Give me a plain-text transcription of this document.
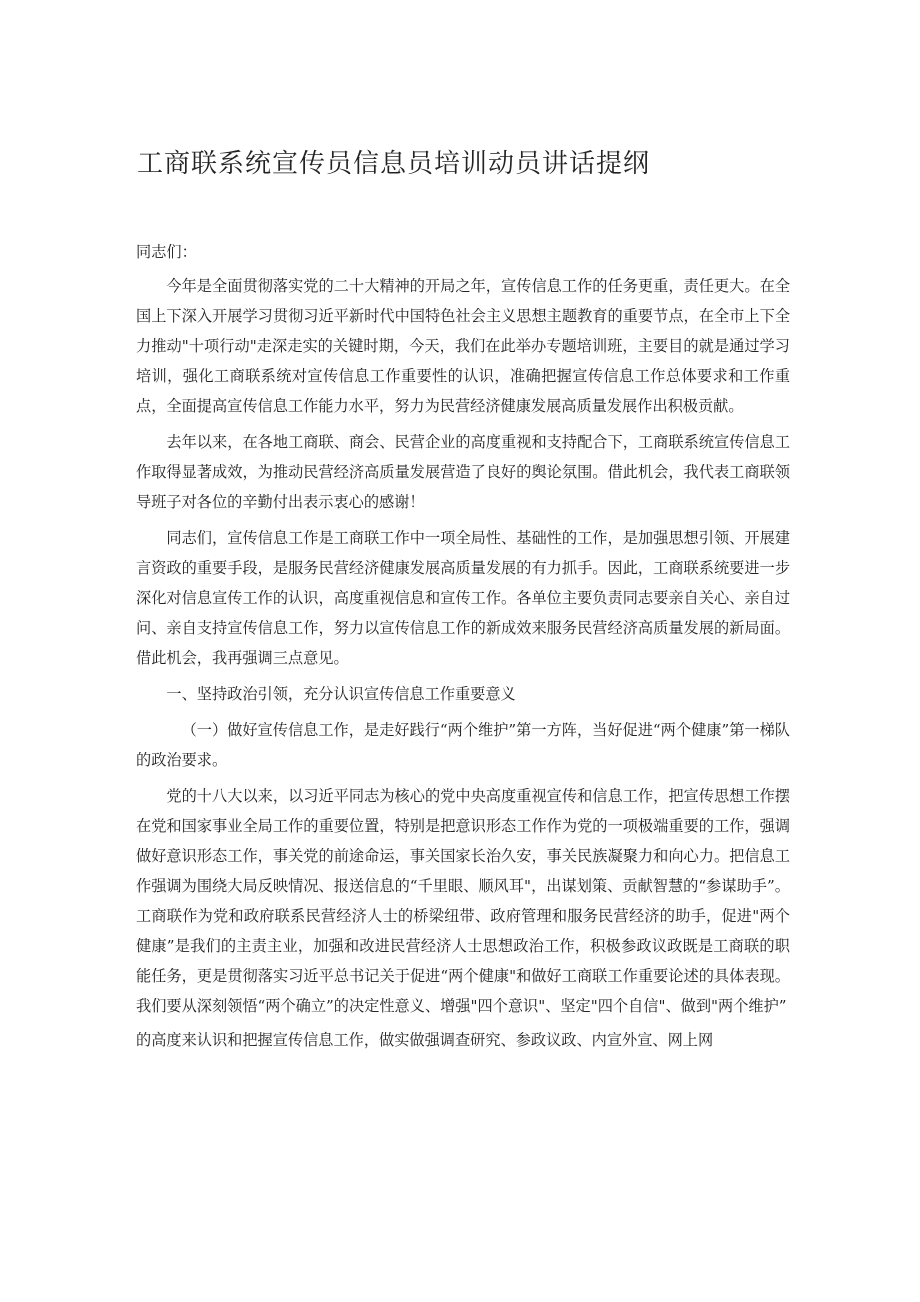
工商联系统宣传员信息员培训动员讲话提纲

同志们：

今年是全面贯彻落实党的二十大精神的开局之年，宣传信息工作的任务更重，责任更大。在全国上下深入开展学习贯彻习近平新时代中国特色社会主义思想主题教育的重要节点，在全市上下全力推动"十项行动"走深走实的关键时期，今天，我们在此举办专题培训班，主要目的就是通过学习培训，强化工商联系统对宣传信息工作重要性的认识，准确把握宣传信息工作总体要求和工作重点，全面提高宣传信息工作能力水平，努力为民营经济健康发展高质量发展作出积极贡献。

去年以来，在各地工商联、商会、民营企业的高度重视和支持配合下，工商联系统宣传信息工作取得显著成效，为推动民营经济高质量发展营造了良好的舆论氛围。借此机会，我代表工商联领导班子对各位的辛勤付出表示衷心的感谢！

同志们，宣传信息工作是工商联工作中一项全局性、基础性的工作，是加强思想引领、开展建言资政的重要手段，是服务民营经济健康发展高质量发展的有力抓手。因此，工商联系统要进一步深化对信息宣传工作的认识，高度重视信息和宣传工作。各单位主要负责同志要亲自关心、亲自过问、亲自支持宣传信息工作，努力以宣传信息工作的新成效来服务民营经济高质量发展的新局面。借此机会，我再强调三点意见。

一、坚持政治引领，充分认识宣传信息工作重要意义

（一）做好宣传信息工作，是走好践行“两个维护”第一方阵，当好促进“两个健康”第一梯队的政治要求。

党的十八大以来，以习近平同志为核心的党中央高度重视宣传和信息工作，把宣传思想工作摆在党和国家事业全局工作的重要位置，特别是把意识形态工作作为党的一项极端重要的工作，强调做好意识形态工作，事关党的前途命运，事关国家长治久安，事关民族凝聚力和向心力。把信息工作强调为围绕大局反映情况、报送信息的“千里眼、顺风耳"，出谋划策、贡献智慧的“参谋助手”。工商联作为党和政府联系民营经济人士的桥梁纽带、政府管理和服务民营经济的助手，促进"两个健康”是我们的主责主业，加强和改进民营经济人士思想政治工作，积极参政议政既是工商联的职能任务，更是贯彻落实习近平总书记关于促进“两个健康"和做好工商联工作重要论述的具体表现。我们要从深刻领悟“两个确立”的决定性意义、增强"四个意识"、坚定"四个自信"、做到"两个维护”

的高度来认识和把握宣传信息工作，做实做强调查研究、参政议政、内宣外宣、网上网
